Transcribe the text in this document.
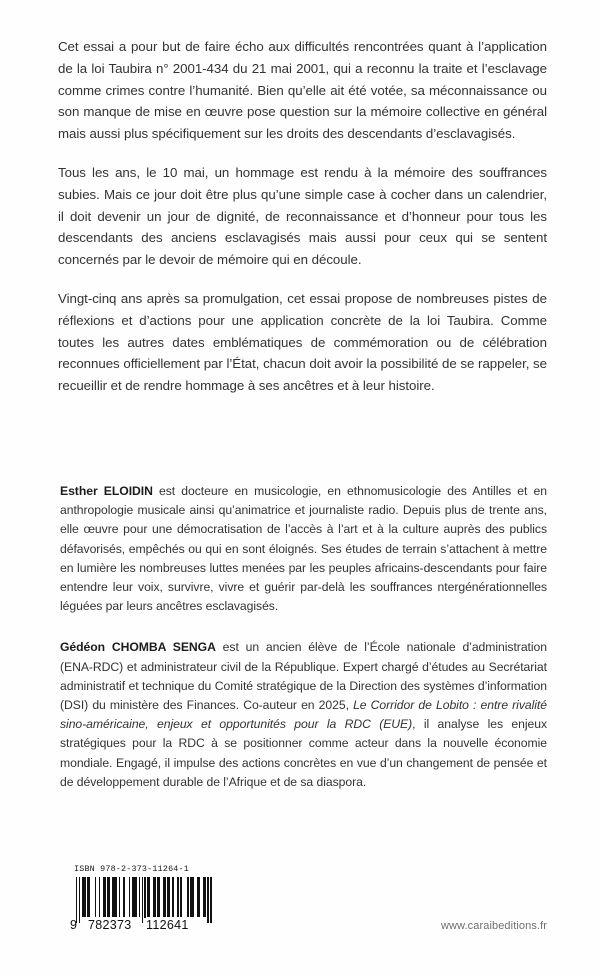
Cet essai a pour but de faire écho aux difficultés rencontrées quant à l’application de la loi Taubira n° 2001-434 du 21 mai 2001, qui a reconnu la traite et l’esclavage comme crimes contre l’humanité. Bien qu’elle ait été votée, sa méconnaissance ou son manque de mise en œuvre pose question sur la mémoire collective en général mais aussi plus spécifiquement sur les droits des descendants d’esclavagisés.

Tous les ans, le 10 mai, un hommage est rendu à la mémoire des souffrances subies. Mais ce jour doit être plus qu’une simple case à cocher dans un calendrier, il doit devenir un jour de dignité, de reconnaissance et d’honneur pour tous les descendants des anciens esclavagisés mais aussi pour ceux qui se sentent concernés par le devoir de mémoire qui en découle.

Vingt-cinq ans après sa promulgation, cet essai propose de nombreuses pistes de réflexions et d’actions pour une application concrète de la loi Taubira. Comme toutes les autres dates emblématiques de commémoration ou de célébration reconnues officiellement par l’État, chacun doit avoir la possibilité de se rappeler, se recueillir et de rendre hommage à ses ancêtres et à leur histoire.

Esther ELOIDIN est docteure en musicologie, en ethnomusicologie des Antilles et en anthropologie musicale ainsi qu’animatrice et journaliste radio. Depuis plus de trente ans, elle œuvre pour une démocratisation de l’accès à l’art et à la culture auprès des publics défavorisés, empêchés ou qui en sont éloignés. Ses études de terrain s’attachent à mettre en lumière les nombreuses luttes menées par les peuples africains-descendants pour faire entendre leur voix, survivre, vivre et guérir par-delà les souffrances ntergénérationnelles léguées par leurs ancêtres esclavagisés.

Gédéon CHOMBA SENGA est un ancien élève de l’École nationale d’administration (ENA-RDC) et administrateur civil de la République. Expert chargé d’études au Secrétariat administratif et technique du Comité stratégique de la Direction des systèmes d’information (DSI) du ministère des Finances. Co-auteur en 2025, Le Corridor de Lobito : entre rivalité sino-américaine, enjeux et opportunités pour la RDC (EUE), il analyse les enjeux stratégiques pour la RDC à se positionner comme acteur dans la nouvelle économie mondiale. Engagé, il impulse des actions concrètes en vue d’un changement de pensée et de développement durable de l’Afrique et de sa diaspora.

ISBN 978-2-373-11264-1
9 782373 112641	www.caraibeditions.fr
